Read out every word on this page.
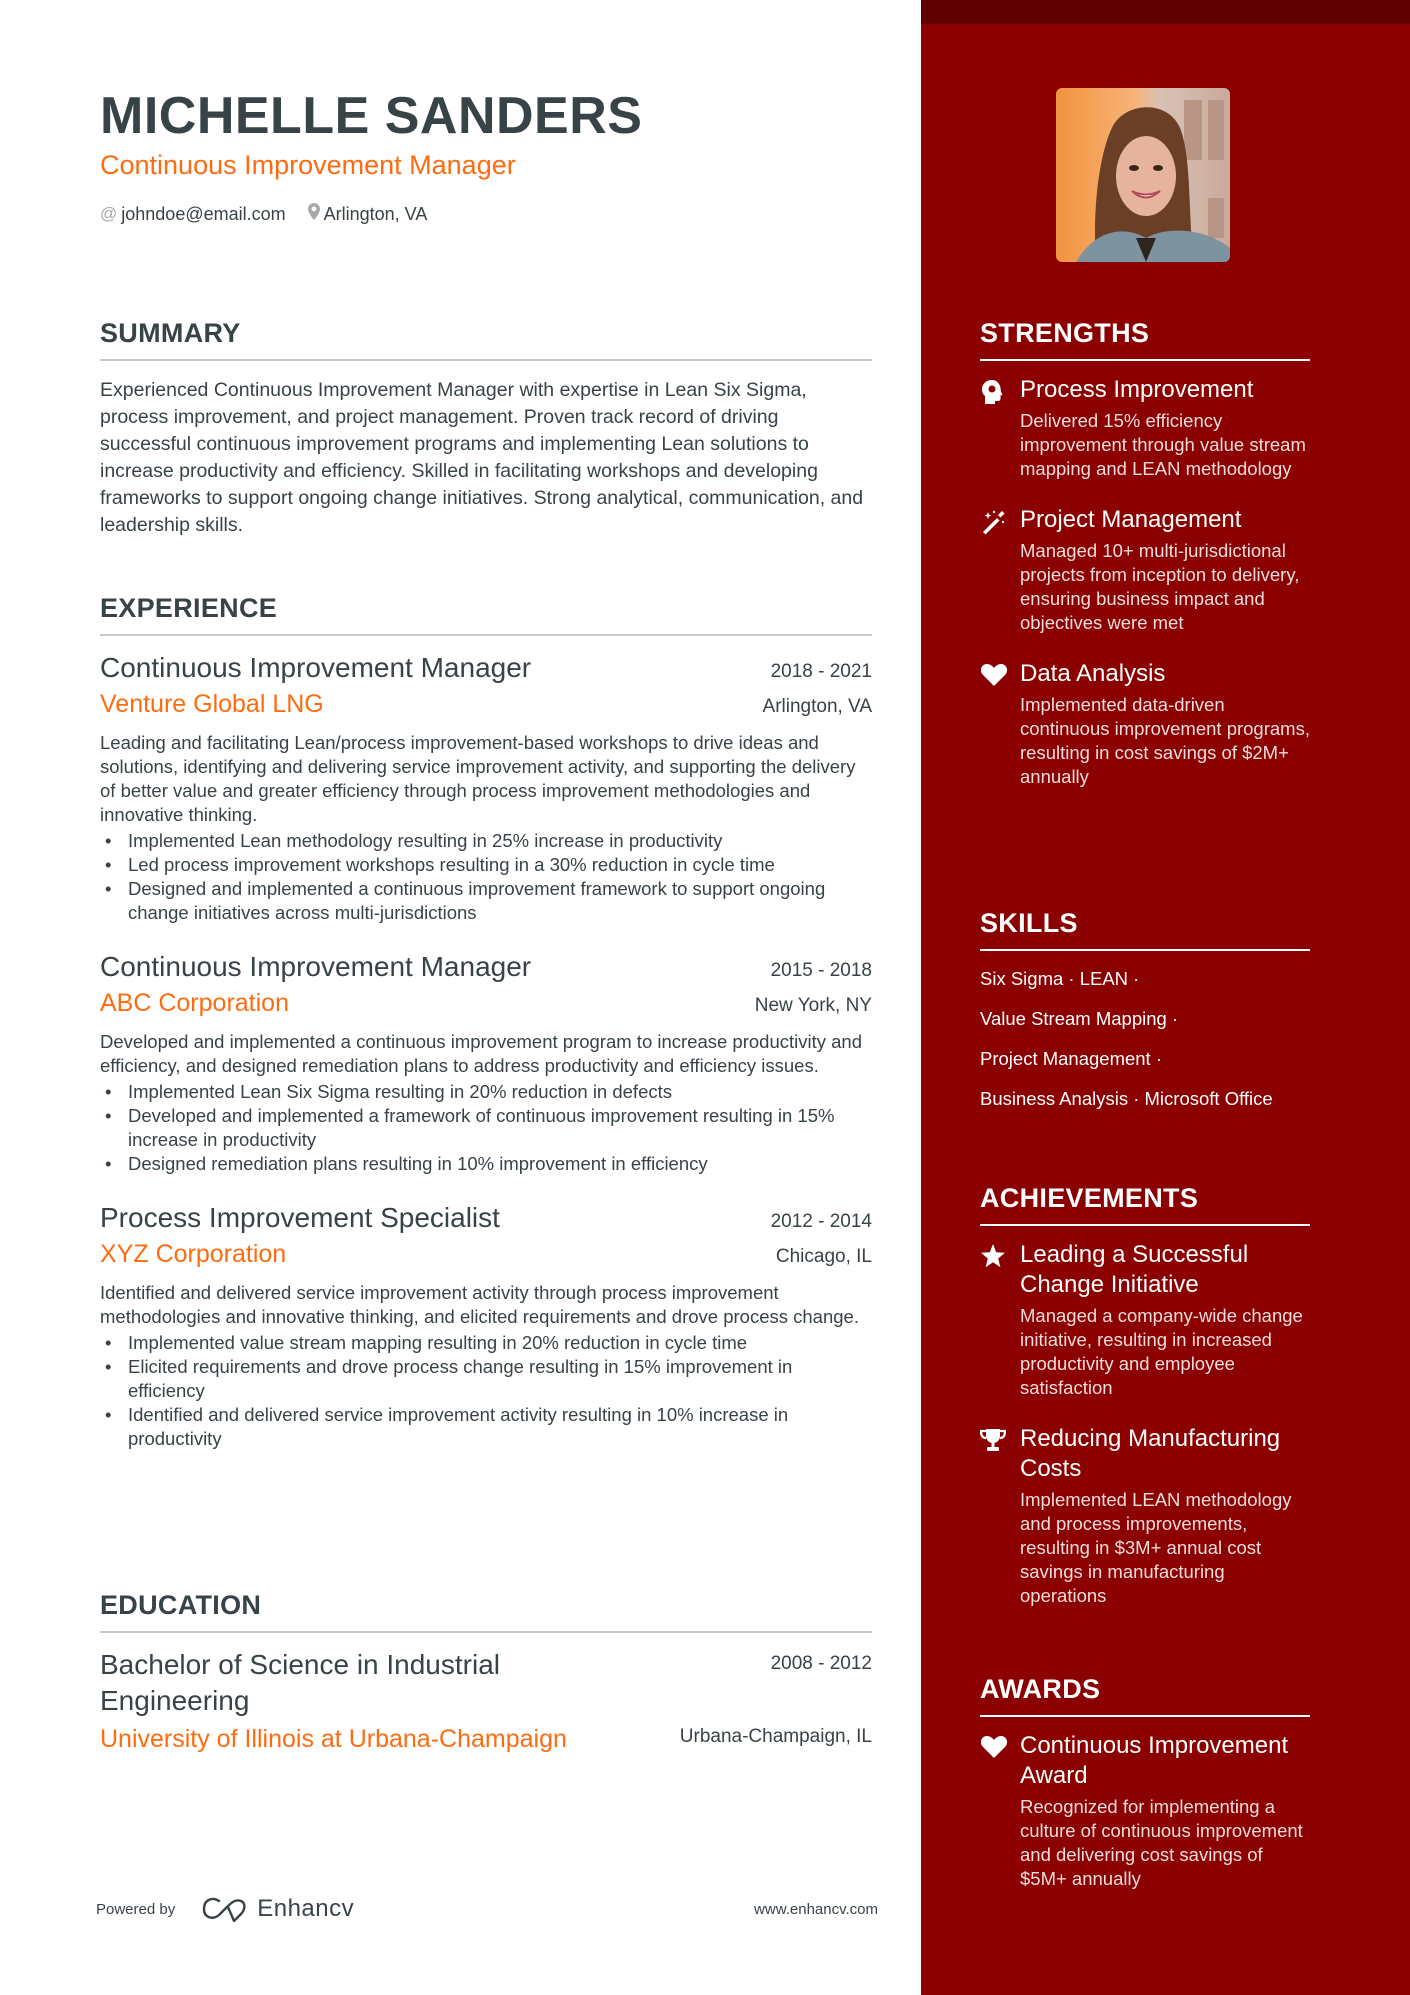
MICHELLE SANDERS
Continuous Improvement Manager
@ johndoe@email.com Arlington, VA
SUMMARY

Experienced Continuous Improvement Manager with expertise in Lean Six Sigma, process improvement, and project management. Proven track record of driving successful continuous improvement programs and implementing Lean solutions to increase productivity and efficiency. Skilled in facilitating workshops and developing frameworks to support ongoing change initiatives. Strong analytical, communication, and leadership skills.

EXPERIENCE
Continuous Improvement Manager	2018 - 2021
Venture Global LNG	Arlington, VA

Leading and facilitating Lean/process improvement-based workshops to drive ideas and solutions, identifying and delivering service improvement activity, and supporting the delivery of better value and greater efficiency through process improvement methodologies and innovative thinking.

• Implemented Lean methodology resulting in 25% increase in productivity
• Led process improvement workshops resulting in a 30% reduction in cycle time
• Designed and implemented a continuous improvement framework to support ongoing change initiatives across multi-jurisdictions
Continuous Improvement Manager	2015 - 2018
ABC Corporation	New York, NY

Developed and implemented a continuous improvement program to increase productivity and efficiency, and designed remediation plans to address productivity and efficiency issues.

• Implemented Lean Six Sigma resulting in 20% reduction in defects
• Developed and implemented a framework of continuous improvement resulting in 15% increase in productivity
• Designed remediation plans resulting in 10% improvement in efficiency
Process Improvement Specialist	2012 - 2014
XYZ Corporation	Chicago, IL

Identified and delivered service improvement activity through process improvement methodologies and innovative thinking, and elicited requirements and drove process change.

• Implemented value stream mapping resulting in 20% reduction in cycle time
• Elicited requirements and drove process change resulting in 15% improvement in efficiency
• Identified and delivered service improvement activity resulting in 10% increase in productivity
EDUCATION
Bachelor of Science in Industrial Engineering
2008 - 2012
University of Illinois at Urbana-Champaign	Urbana-Champaign, IL
Powered by	Enhancv	www.enhancv.com
STRENGTHS
Process Improvement
Delivered 15% efficiency improvement through value stream mapping and LEAN methodology
Project Management
Managed 10+ multi-jurisdictional projects from inception to delivery, ensuring business impact and objectives were met
Data Analysis
Implemented data-driven continuous improvement programs, resulting in cost savings of $2M+ annually
SKILLS
Six Sigma · LEAN ·
Value Stream Mapping ·
Project Management ·
Business Analysis · Microsoft Office
ACHIEVEMENTS
Leading a Successful Change Initiative
Managed a company-wide change initiative, resulting in increased productivity and employee satisfaction
Reducing Manufacturing Costs
Implemented LEAN methodology and process improvements, resulting in $3M+ annual cost savings in manufacturing operations
AWARDS
Continuous Improvement Award
Recognized for implementing a culture of continuous improvement and delivering cost savings of $5M+ annually
